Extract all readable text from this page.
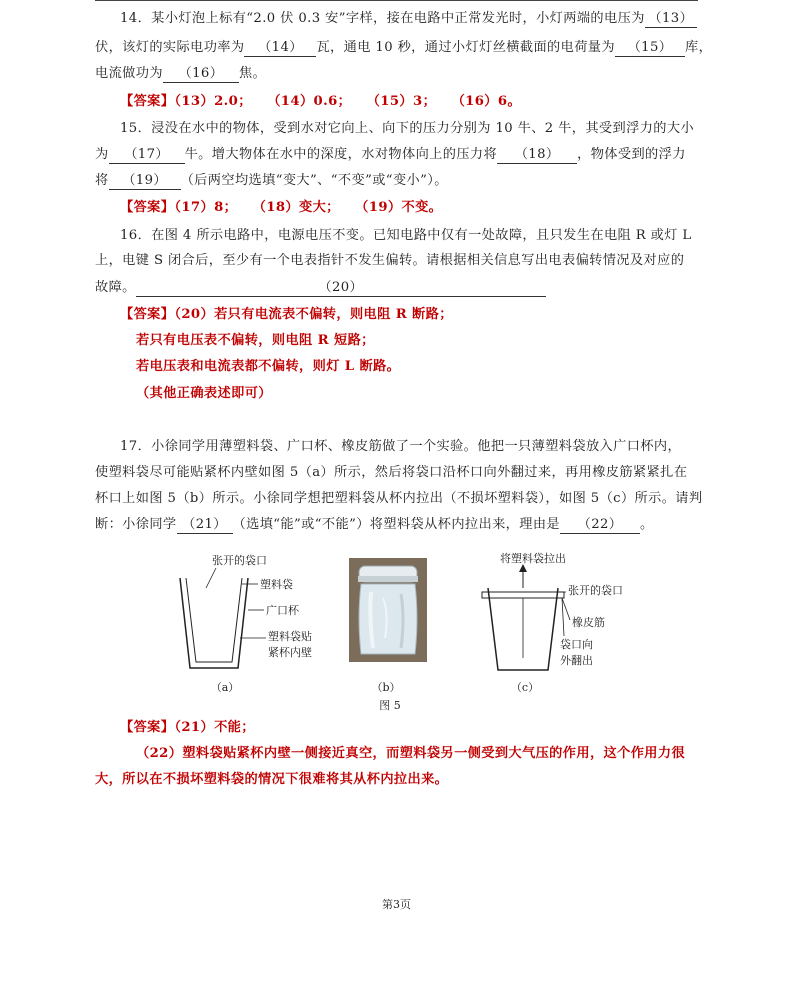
14．某小灯泡上标有“2.0 伏 0.3 安”字样，接在电路中正常发光时，小灯两端的电压为 （13）
伏，该灯的实际电功率为 （14） 瓦，通电 10 秒，通过小灯灯丝横截面的电荷量为 （15） 库，
电流做功为 （16） 焦。
【答案】（13）2.0； （14）0.6； （15）3； （16）6。
15．浸没在水中的物体，受到水对它向上、向下的压力分别为 10 牛、2 牛，其受到浮力的大小
为 （17） 牛。增大物体在水中的深度，水对物体向上的压力将 （18） ，物体受到的浮力
将 （19） （后两空均选填“变大”、“不变”或“变小”）。
【答案】（17）8； （18）变大； （19）不变。
16．在图 4 所示电路中，电源电压不变。已知电路中仅有一处故障，且只发生在电阻 R 或灯 L
上，电键 S 闭合后，至少有一个电表指针不发生偏转。请根据相关信息写出电表偏转情况及对应的
故障。	（20）
【答案】（20）若只有电流表不偏转，则电阻 R 断路；
若只有电压表不偏转，则电阻 R 短路；
若电压表和电流表都不偏转，则灯 L 断路。
（其他正确表述即可）
17．小徐同学用薄塑料袋、广口杯、橡皮筋做了一个实验。他把一只薄塑料袋放入广口杯内，
使塑料袋尽可能贴紧杯内壁如图 5（a）所示，然后将袋口沿杯口向外翻过来，再用橡皮筋紧紧扎在
杯口上如图 5（b）所示。小徐同学想把塑料袋从杯内拉出（不损坏塑料袋），如图 5（c）所示。请判
断：小徐同学 （21） （选填“能”或“不能”）将塑料袋从杯内拉出来，理由是 （22） 。
张开的袋口
塑料袋
广口杯
塑料袋贴
紧杯内壁
将塑料袋拉出
张开的袋口
橡皮筋
袋口向
外翻出
（a）	（b）	（c）
图 5
【答案】（21）不能；
（22）塑料袋贴紧杯内壁一侧接近真空，而塑料袋另一侧受到大气压的作用，这个作用力很
大，所以在不损坏塑料袋的情况下很难将其从杯内拉出来。
第3页
